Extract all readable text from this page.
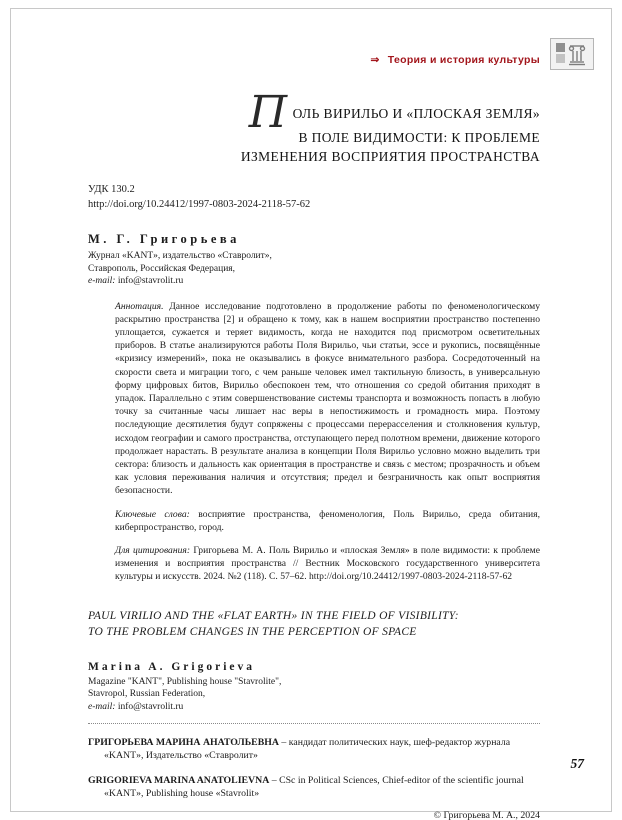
⇒ Теория и история культуры
П ОЛЬ ВИРИЛЬО И «ПЛОСКАЯ ЗЕМЛЯ»
В ПОЛЕ ВИДИМОСТИ: К ПРОБЛЕМЕ
ИЗМЕНЕНИЯ ВОСПРИЯТИЯ ПРОСТРАНСТВА
УДК 130.2
http://doi.org/10.24412/1997-0803-2024-2118-57-62
М. Г. Григорьева
Журнал «KANT», издательство «Ставролит»,
Ставрополь, Российская Федерация,
e-mail: info@stavrolit.ru
Аннотация. Данное исследование подготовлено в продолжение работы по феноменологическому раскрытию пространства [2] и обращено к тому, как в нашем восприятии пространство постепенно уплощается, сужается и теряет видимость, когда не находится под присмотром осветительных приборов. В статье анализируются работы Поля Вирильо, чьи статьи, эссе и рукопись, посвящённые «кризису измерений», пока не оказывались в фокусе внимательного разбора. Сосредоточенный на скорости света и миграции того, с чем раньше человек имел тактильную близость, в универсальную форму цифровых битов, Вирильо обеспокоен тем, что отношения со средой обитания приходят в упадок. Параллельно с этим совершенствование системы транспорта и возможность попасть в любую точку за считанные часы лишает нас веры в непостижимость и громадность мира. Поэтому последующие десятилетия будут сопряжены с процессами перерасселения и столкновения культур, исходом географии и самого пространства, отступающего перед полотном времени, движение которого продолжает нарастать. В результате анализа в концепции Поля Вирильо условно можно выделить три сектора: близость и дальность как ориентация в пространстве и связь с местом; прозрачность и объем как условия переживания наличия и отсутствия; предел и безграничность как опыт восприятия безопасности.
Ключевые слова: восприятие пространства, феноменология, Поль Вирильо, среда обитания, киберпространство, город.
Для цитирования: Григорьева М. А. Поль Вирильо и «плоская Земля» в поле видимости: к проблеме изменения и восприятия пространства // Вестник Московского государственного университета культуры и искусств. 2024. №2 (118). С. 57–62. http://doi.org/10.24412/1997-0803-2024-2118-57-62
PAUL VIRILIO AND THE «FLAT EARTH» IN THE FIELD OF VISIBILITY:
TO THE PROBLEM CHANGES IN THE PERCEPTION OF SPACE
Marina A. Grigorieva
Magazine "KANT", Publishing house "Stavrolite",
Stavropol, Russian Federation,
e-mail: info@stavrolit.ru
ГРИГОРЬЕВА МАРИНА АНАТОЛЬЕВНА – кандидат политических наук, шеф-редактор журнала «KANT», Издательство «Ставролит»
GRIGORIEVA MARINA ANATOLIEVNA – CSc in Political Sciences, Chief-editor of the scientific journal «KANT», Publishing house «Stavrolit»
© Григорьева М. А., 2024
57
